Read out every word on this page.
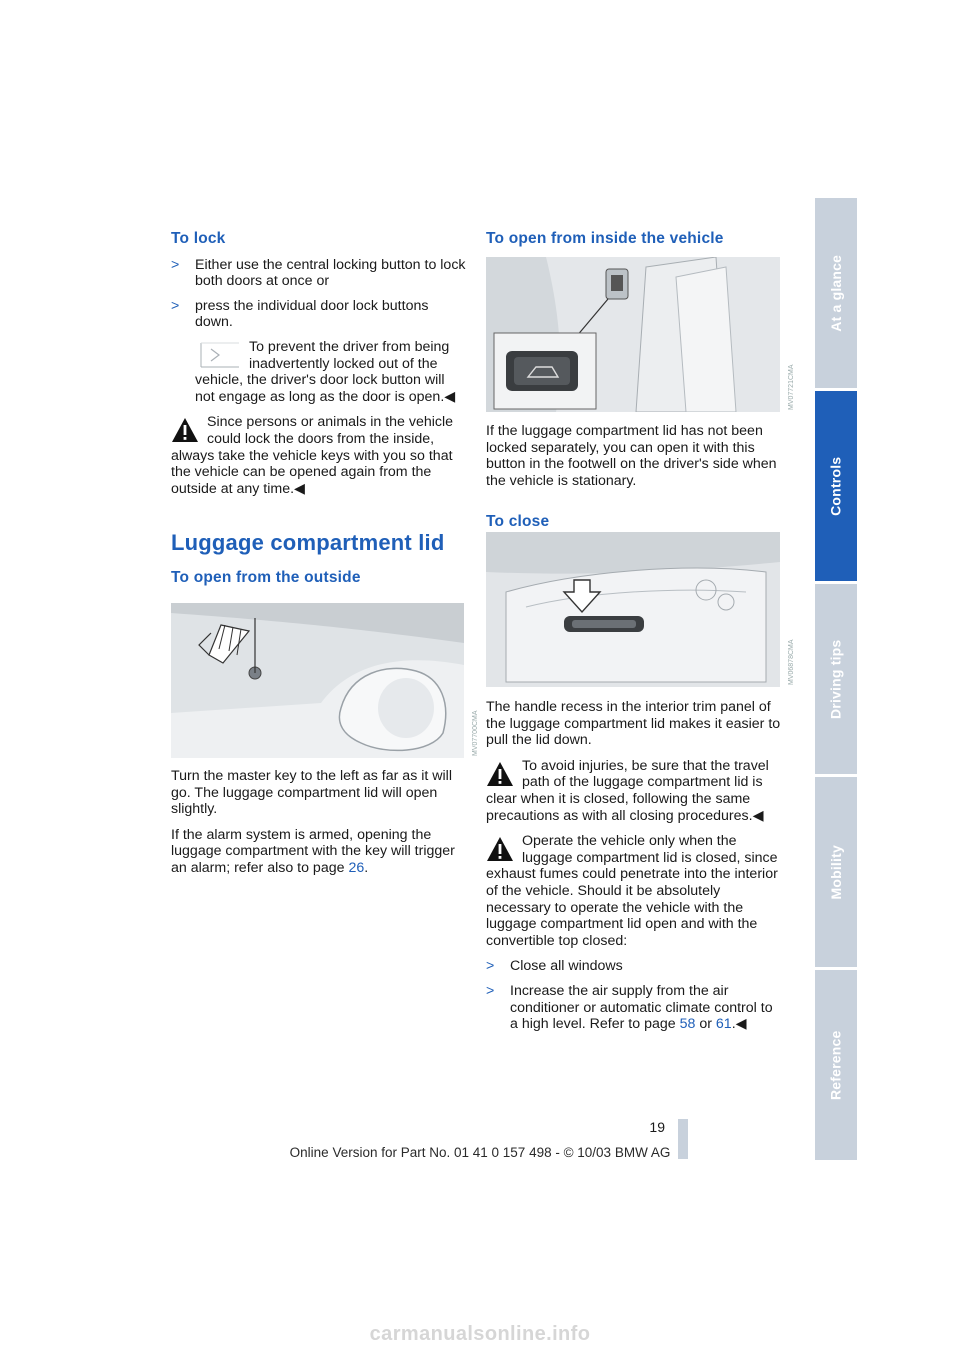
At a glance
Controls
Driving tips
Mobility
Reference
To lock
> Either use the central locking button to lock both doors at once or
> press the individual door lock buttons down.
To prevent the driver from being inadvertently locked out of the vehicle, the driver's door lock button will not engage as long as the door is open.◀
Since persons or animals in the vehicle could lock the doors from the inside, always take the vehicle keys with you so that the vehicle can be opened again from the outside at any time.◀
Luggage compartment lid
To open from the outside
MV07700CMA

Turn the master key to the left as far as it will go. The luggage compartment lid will open slightly.

If the alarm system is armed, opening the luggage compartment with the key will trigger an alarm; refer also to page 26.

To open from inside the vehicle
MV07721CMA

If the luggage compartment lid has not been locked separately, you can open it with this button in the footwell on the driver's side when the vehicle is stationary.

To close
MV06878CMA

The handle recess in the interior trim panel of the luggage compartment lid makes it easier to pull the lid down.

To avoid injuries, be sure that the travel path of the luggage compartment lid is clear when it is closed, following the same precautions as with all closing procedures.◀
Operate the vehicle only when the luggage compartment lid is closed, since exhaust fumes could penetrate into the interior of the vehicle. Should it be absolutely necessary to operate the vehicle with the luggage compartment lid open and with the convertible top closed:
> Close all windows
> Increase the air supply from the air conditioner or automatic climate control to a high level. Refer to page 58 or 61.◀
19
Online Version for Part No. 01 41 0 157 498 - © 10/03 BMW AG
carmanualsonline.info
